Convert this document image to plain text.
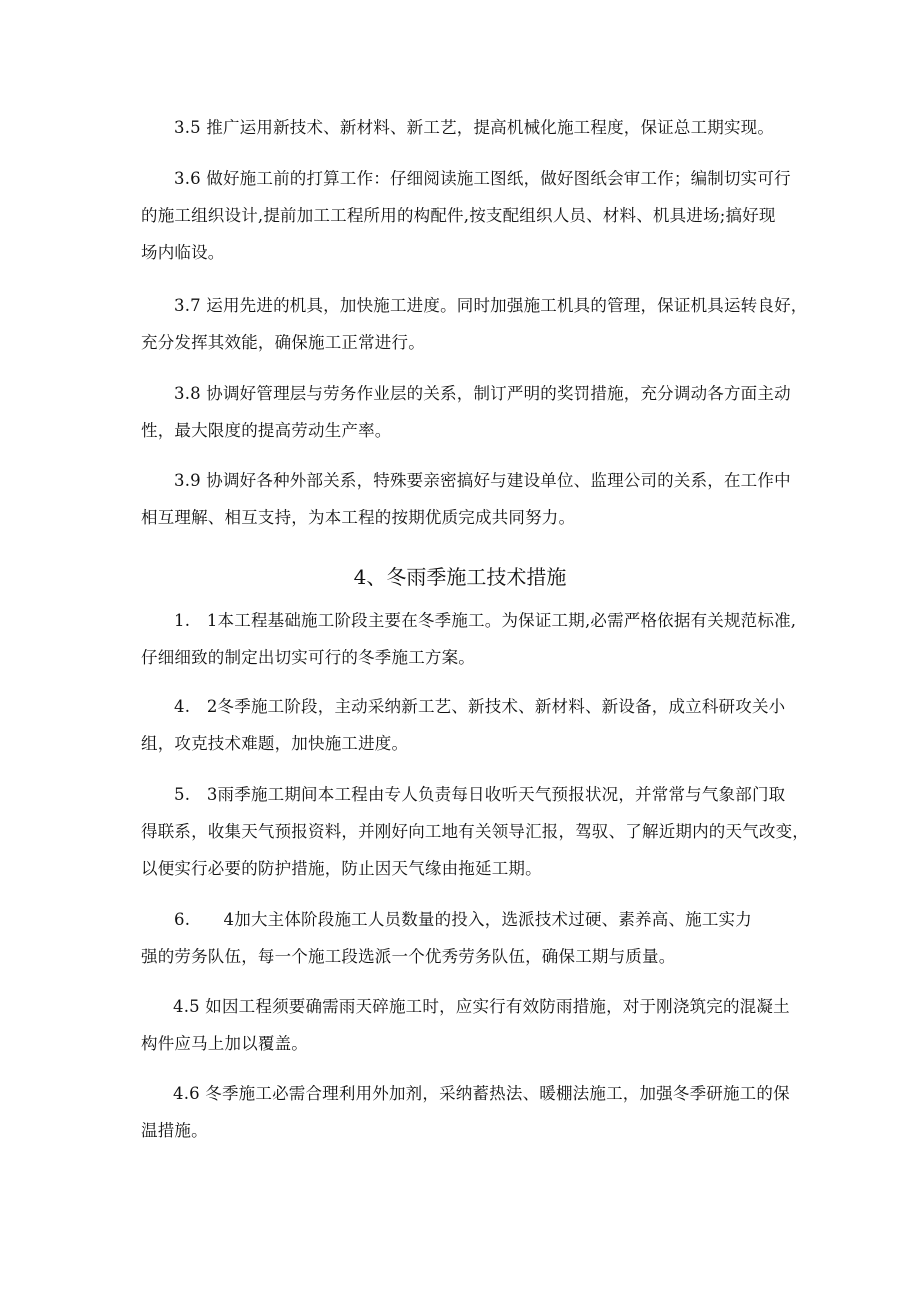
3.5 推广运用新技术、新材料、新工艺，提高机械化施工程度，保证总工期实现。
3.6 做好施工前的打算工作：仔细阅读施工图纸，做好图纸会审工作；编制切实可行
的施工组织设计,提前加工工程所用的构配件,按支配组织人员、材料、机具进场;搞好现
场内临设。
3.7 运用先进的机具，加快施工进度。同时加强施工机具的管理，保证机具运转良好，
充分发挥其效能，确保施工正常进行。
3.8 协调好管理层与劳务作业层的关系，制订严明的奖罚措施，充分调动各方面主动
性，最大限度的提高劳动生产率。
3.9 协调好各种外部关系，特殊要亲密搞好与建设单位、监理公司的关系，在工作中
相互理解、相互支持，为本工程的按期优质完成共同努力。
4、冬雨季施工技术措施
1.　1本工程基础施工阶段主要在冬季施工。为保证工期,必需严格依据有关规范标准,
仔细细致的制定出切实可行的冬季施工方案。
4.　2冬季施工阶段，主动采纳新工艺、新技术、新材料、新设备，成立科研攻关小
组，攻克技术难题，加快施工进度。
5.　3雨季施工期间本工程由专人负责每日收听天气预报状况，并常常与气象部门取
得联系，收集天气预报资料，并刚好向工地有关领导汇报，驾驭、了解近期内的天气改变，
以便实行必要的防护措施，防止因天气缘由拖延工期。
6.　　4加大主体阶段施工人员数量的投入，选派技术过硬、素养高、施工实力
强的劳务队伍，每一个施工段选派一个优秀劳务队伍，确保工期与质量。
4.5 如因工程须要确需雨天碎施工时，应实行有效防雨措施，对于刚浇筑完的混凝土
构件应马上加以覆盖。
4.6 冬季施工必需合理利用外加剂，采纳蓄热法、暖棚法施工，加强冬季研施工的保
温措施。
